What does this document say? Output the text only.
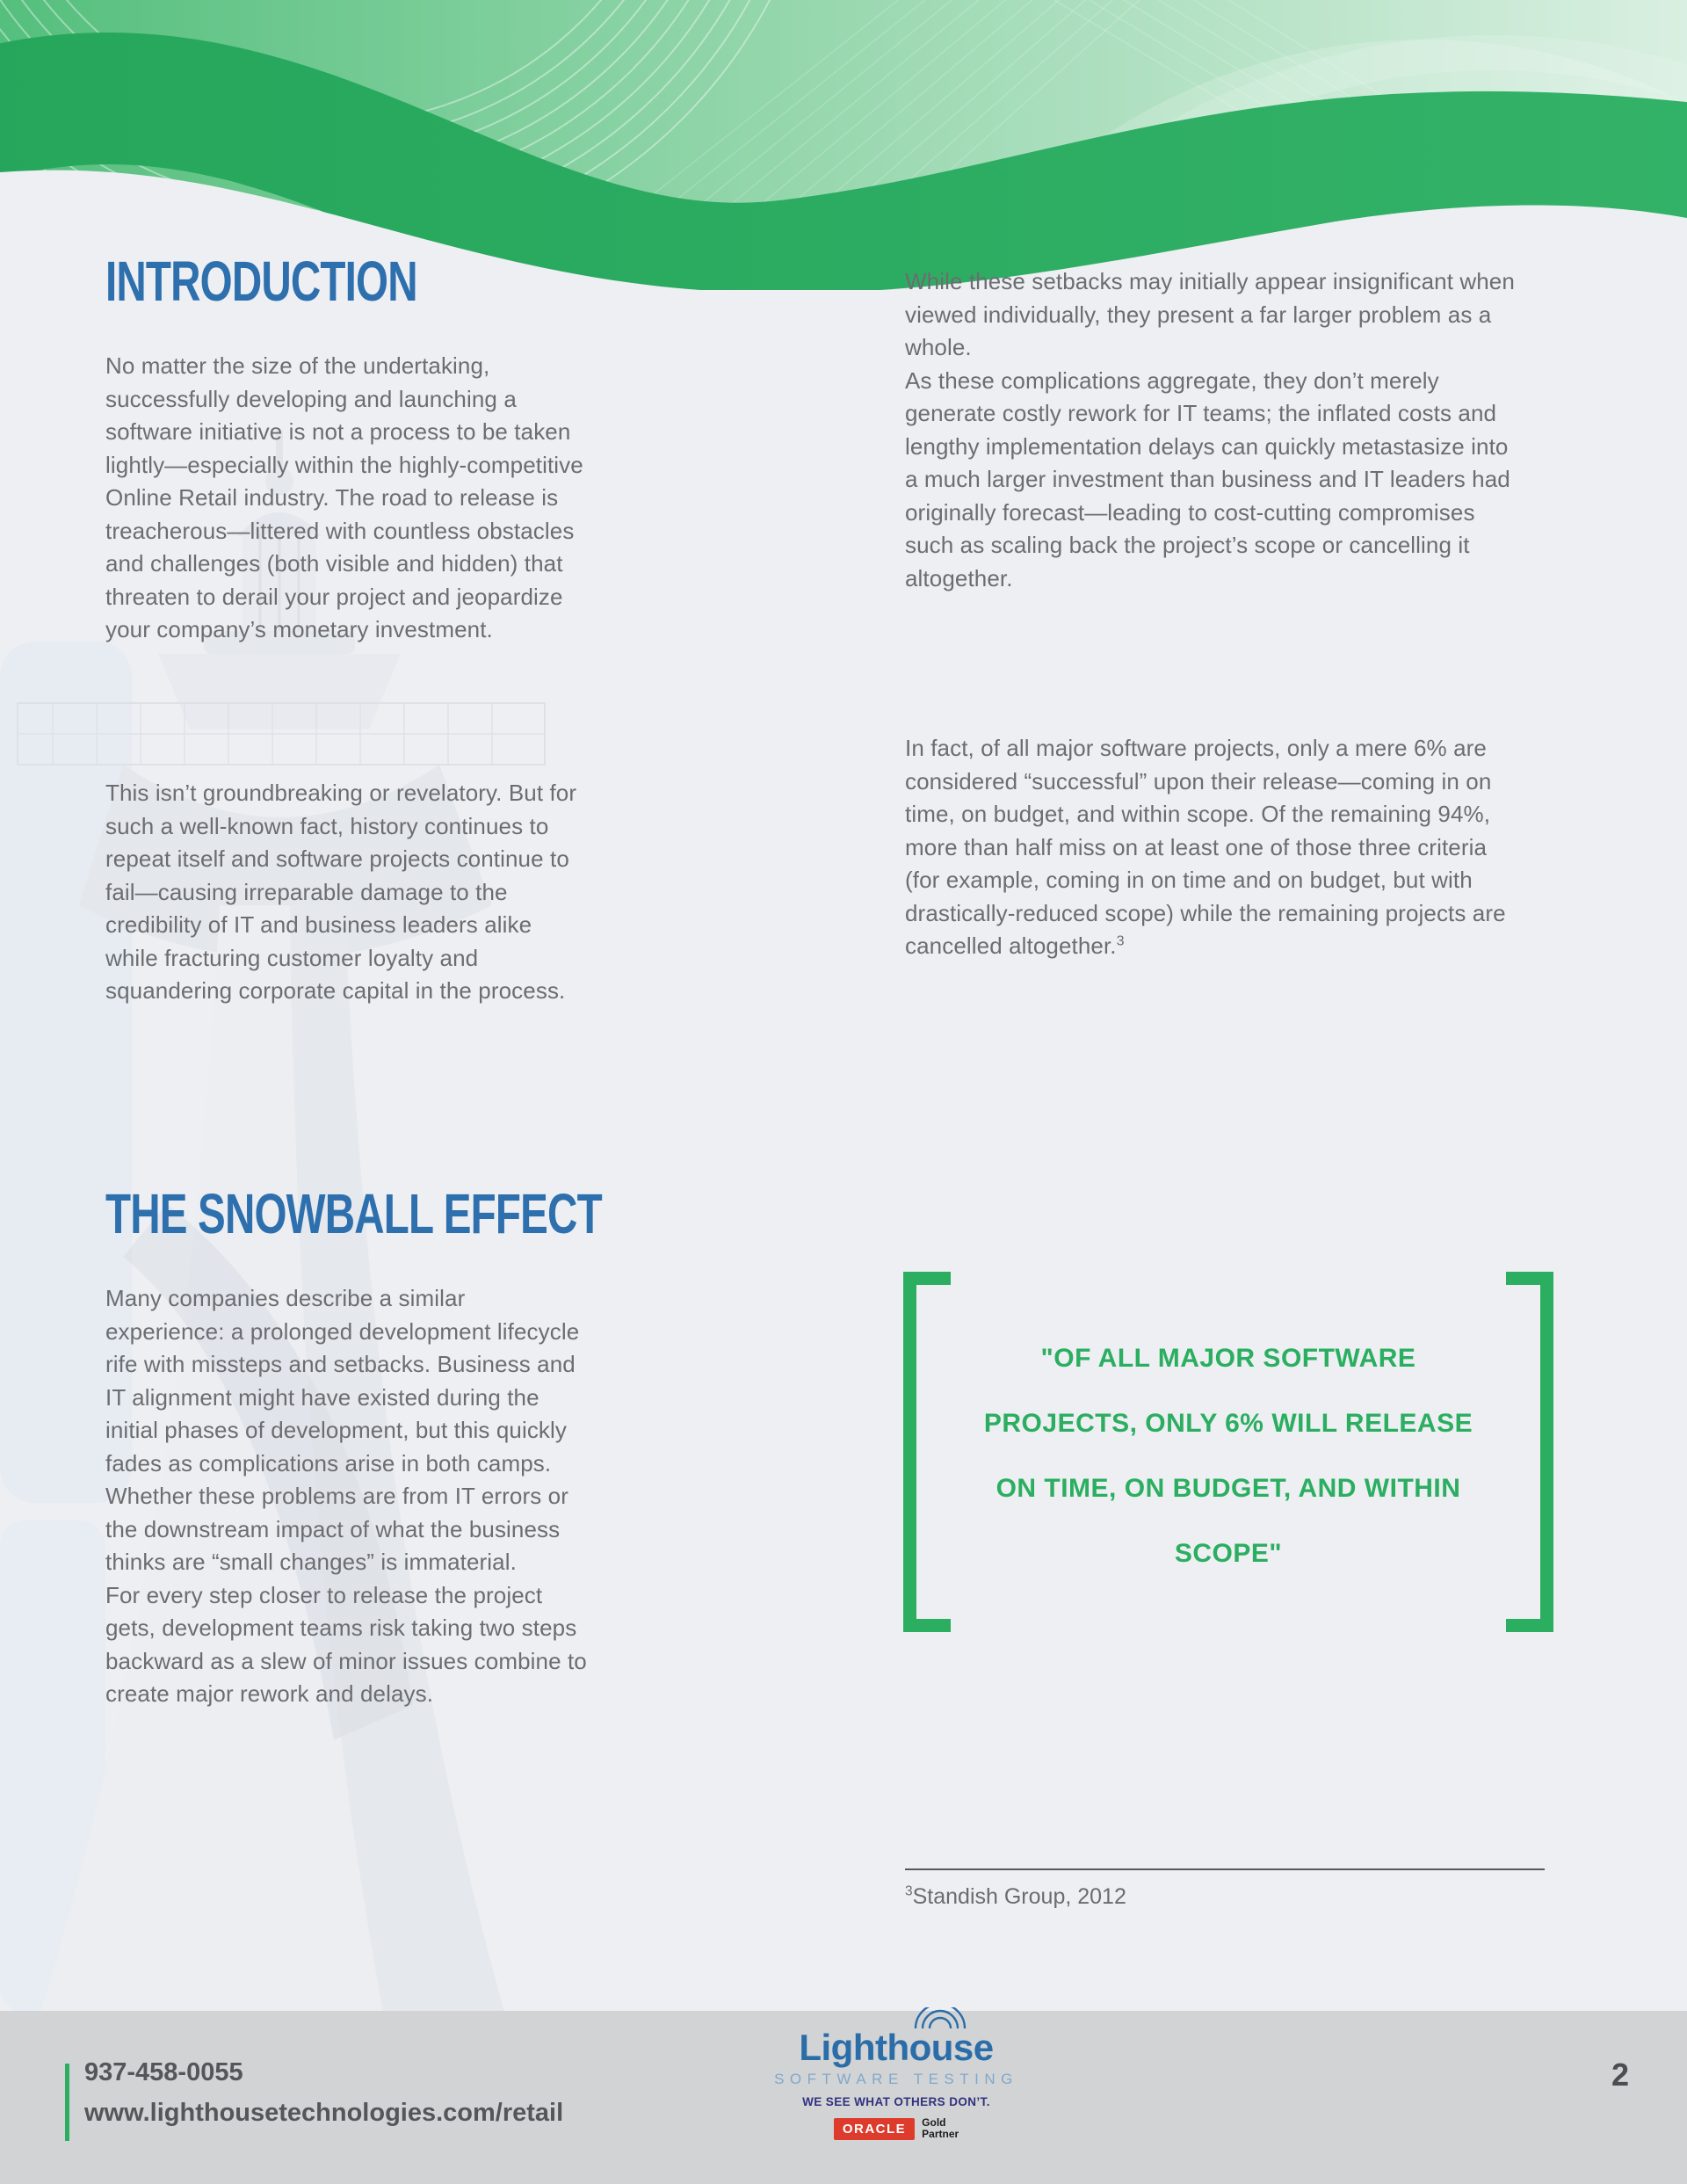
INTRODUCTION

No matter the size of the undertaking, successfully developing and launching a software initiative is not a process to be taken lightly—especially within the highly-competitive Online Retail industry. The road to release is treacherous—littered with countless obstacles and challenges (both visible and hidden) that threaten to derail your project and jeopardize your company’s monetary investment.

This isn’t groundbreaking or revelatory. But for such a well-known fact, history continues to repeat itself and software projects continue to fail—causing irreparable damage to the credibility of IT and business leaders alike while fracturing customer loyalty and squandering corporate capital in the process.

THE SNOWBALL EFFECT

Many companies describe a similar experience: a prolonged development lifecycle rife with missteps and setbacks. Business and IT alignment might have existed during the initial phases of development, but this quickly fades as complications arise in both camps. Whether these problems are from IT errors or the downstream impact of what the business thinks are “small changes” is immaterial.

For every step closer to release the project gets, development teams risk taking two steps backward as a slew of minor issues combine to create major rework and delays.

While these setbacks may initially appear insignificant when viewed individually, they present a far larger problem as a whole.

As these complications aggregate, they don’t merely generate costly rework for IT teams; the inflated costs and lengthy implementation delays can quickly metastasize into a much larger investment than business and IT leaders had originally forecast—leading to cost-cutting compromises such as scaling back the project’s scope or cancelling it altogether.

In fact, of all major software projects, only a mere 6% are considered “successful” upon their release—coming in on time, on budget, and within scope. Of the remaining 94%, more than half miss on at least one of those three criteria (for example, coming in on time and on budget, but with drastically-reduced scope) while the remaining projects are cancelled altogether.$^3$

"OF ALL MAJOR SOFTWARE PROJECTS, ONLY 6% WILL RELEASE ON TIME, ON BUDGET, AND WITHIN SCOPE"
$^3$Standish Group, 2012
937-458-0055
www.lighthousetechnologies.com/retail
Lighthouse
SOFTWARE TESTING
WE SEE WHAT OTHERS DON’T.
ORACLE	Gold
Partner
2
